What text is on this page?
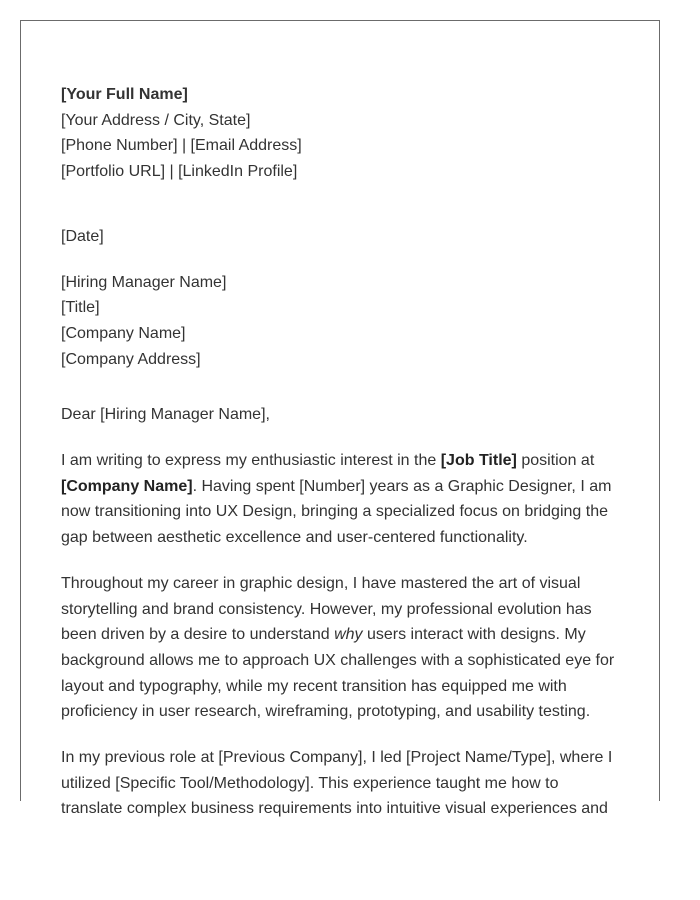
[Your Full Name]
[Your Address / City, State]
[Phone Number] | [Email Address]
[Portfolio URL] | [LinkedIn Profile]
[Date]
[Hiring Manager Name]
[Title]
[Company Name]
[Company Address]
Dear [Hiring Manager Name],

I am writing to express my enthusiastic interest in the [Job Title] position at [Company Name]. Having spent [Number] years as a Graphic Designer, I am now transitioning into UX Design, bringing a specialized focus on bridging the gap between aesthetic excellence and user-centered functionality.

Throughout my career in graphic design, I have mastered the art of visual storytelling and brand consistency. However, my professional evolution has been driven by a desire to understand why users interact with designs. My background allows me to approach UX challenges with a sophisticated eye for layout and typography, while my recent transition has equipped me with proficiency in user research, wireframing, prototyping, and usability testing.

In my previous role at [Previous Company], I led [Project Name/Type], where I utilized [Specific Tool/Methodology]. This experience taught me how to translate complex business requirements into intuitive visual experiences and
